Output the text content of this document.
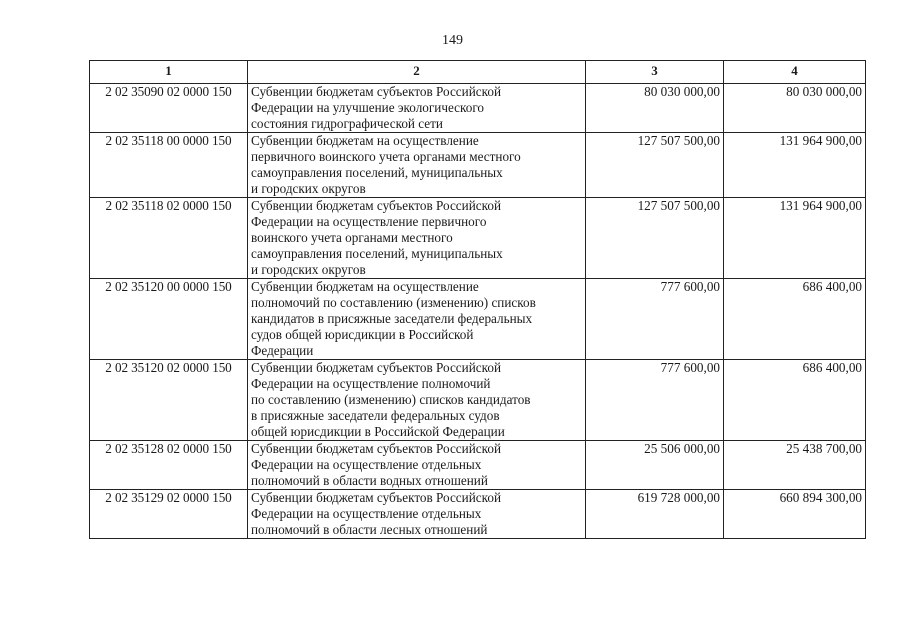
149
1	2	3	4
2 02 35090 02 0000 150	Субвенции бюджетам субъектов Российской
Федерации на улучшение экологического
состояния гидрографической сети	80 030 000,00	80 030 000,00
2 02 35118 00 0000 150	Субвенции бюджетам на осуществление
первичного воинского учета органами местного
самоуправления поселений, муниципальных
и городских округов	127 507 500,00	131 964 900,00
2 02 35118 02 0000 150	Субвенции бюджетам субъектов Российской
Федерации на осуществление первичного
воинского учета органами местного
самоуправления поселений, муниципальных
и городских округов	127 507 500,00	131 964 900,00
2 02 35120 00 0000 150	Субвенции бюджетам на осуществление
полномочий по составлению (изменению) списков
кандидатов в присяжные заседатели федеральных
судов общей юрисдикции в Российской
Федерации	777 600,00	686 400,00
2 02 35120 02 0000 150	Субвенции бюджетам субъектов Российской
Федерации на осуществление полномочий
по составлению (изменению) списков кандидатов
в присяжные заседатели федеральных судов
общей юрисдикции в Российской Федерации	777 600,00	686 400,00
2 02 35128 02 0000 150	Субвенции бюджетам субъектов Российской
Федерации на осуществление отдельных
полномочий в области водных отношений	25 506 000,00	25 438 700,00
2 02 35129 02 0000 150	Субвенции бюджетам субъектов Российской
Федерации на осуществление отдельных
полномочий в области лесных отношений	619 728 000,00	660 894 300,00
